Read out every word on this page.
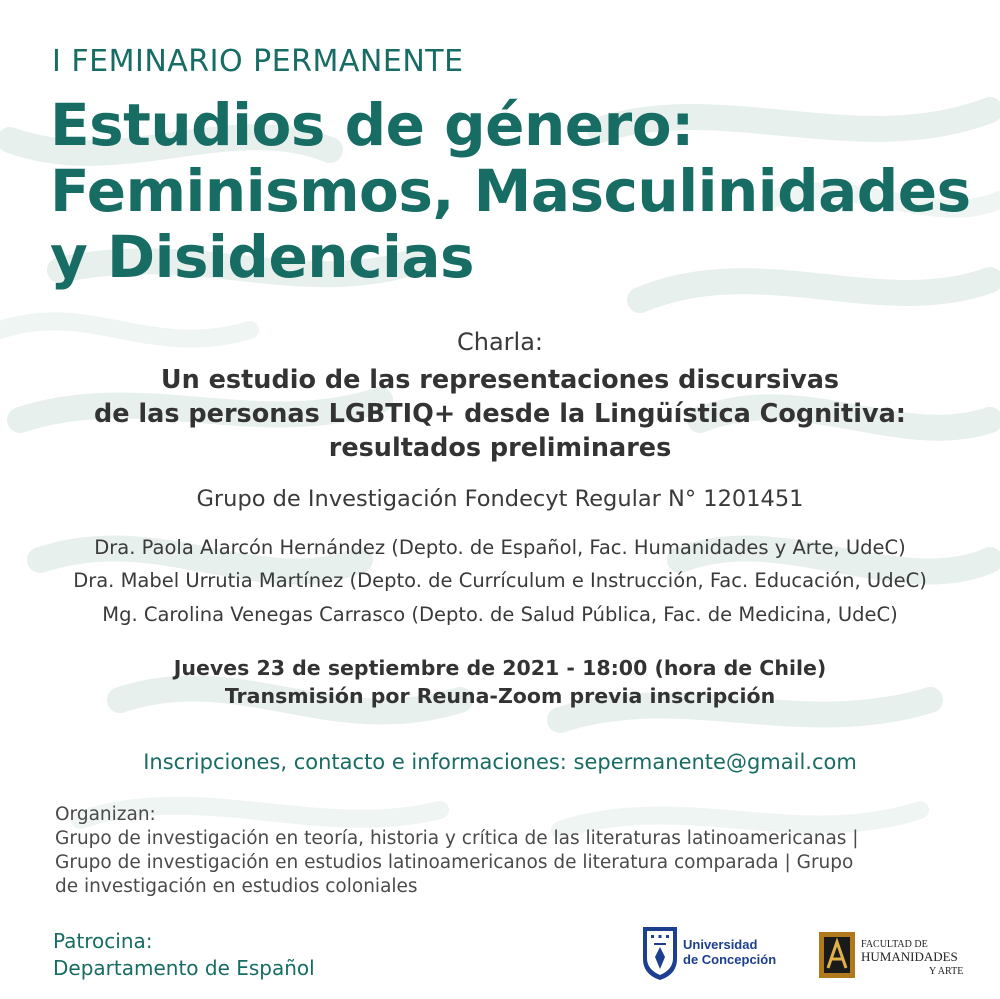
I FEMINARIO PERMANENTE
Estudios de género:
Feminismos, Masculinidades
y Disidencias
Charla:
Un estudio de las representaciones discursivas
de las personas LGBTIQ+ desde la Lingüística Cognitiva:
resultados preliminares
Grupo de Investigación Fondecyt Regular N° 1201451
Dra. Paola Alarcón Hernández (Depto. de Español, Fac. Humanidades y Arte, UdeC)
Dra. Mabel Urrutia Martínez (Depto. de Currículum e Instrucción, Fac. Educación, UdeC)
Mg. Carolina Venegas Carrasco (Depto. de Salud Pública, Fac. de Medicina, UdeC)
Jueves 23 de septiembre de 2021 - 18:00 (hora de Chile)
Transmisión por Reuna-Zoom previa inscripción
Inscripciones, contacto e informaciones: sepermanente@gmail.com
Organizan:
Grupo de investigación en teoría, historia y crítica de las literaturas latinoamericanas |
Grupo de investigación en estudios latinoamericanos de literatura comparada | Grupo
de investigación en estudios coloniales
Patrocina:
Departamento de Español
Universidad
de Concepción
FACULTAD DE
HUMANIDADES
Y ARTE
